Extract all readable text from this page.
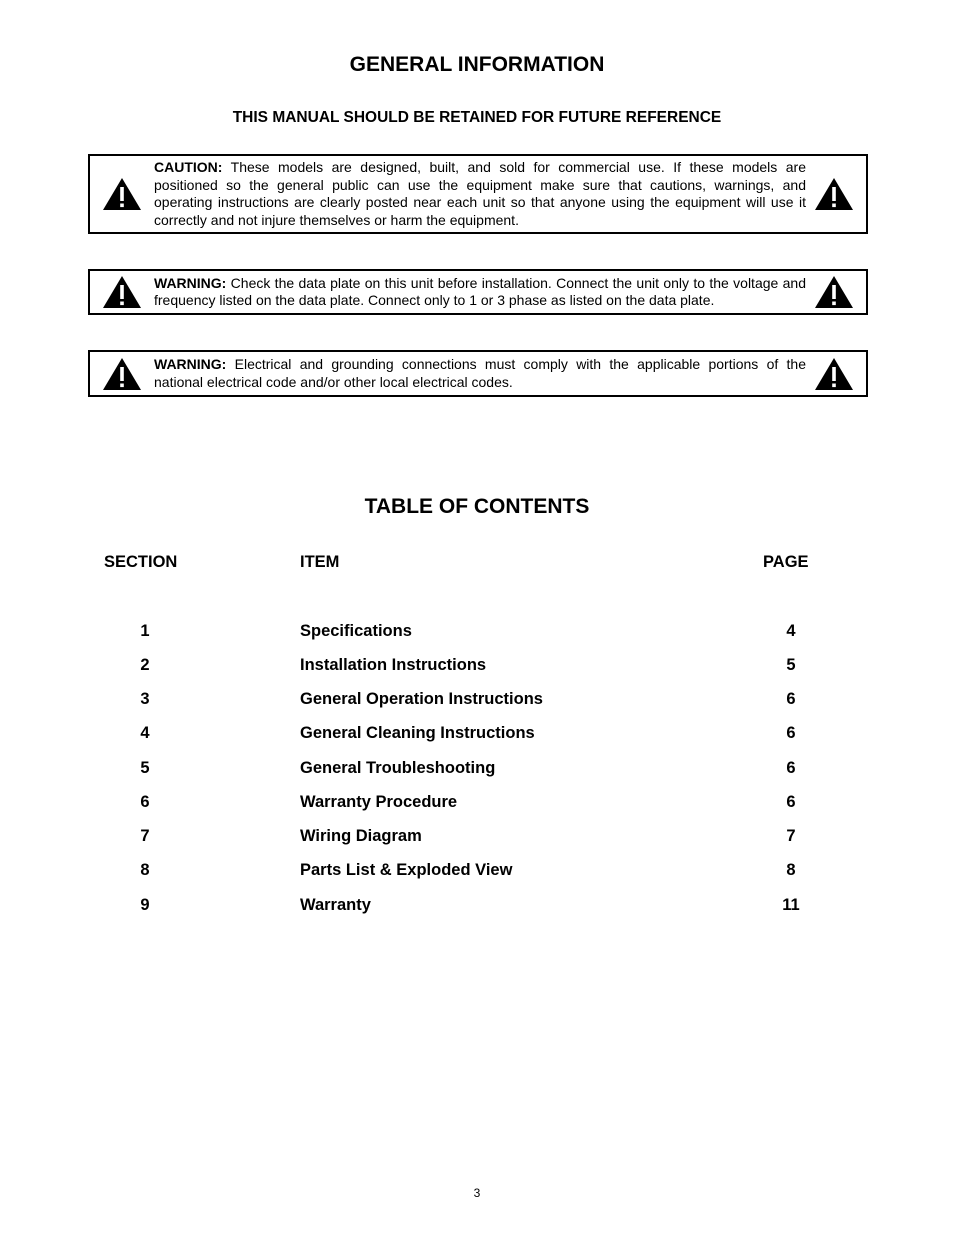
GENERAL INFORMATION

THIS MANUAL SHOULD BE RETAINED FOR FUTURE REFERENCE

CAUTION: These models are designed, built, and sold for commercial use. If these models are positioned so the general public can use the equipment make sure that cautions, warnings, and operating instructions are clearly posted near each unit so that anyone using the equipment will use it correctly and not injure themselves or harm the equipment.
WARNING: Check the data plate on this unit before installation. Connect the unit only to the voltage and frequency listed on the data plate. Connect only to 1 or 3 phase as listed on the data plate.
WARNING: Electrical and grounding connections must comply with the applicable portions of the national electrical code and/or other local electrical codes.
TABLE OF CONTENTS
SECTION	ITEM	PAGE
1	Specifications	4
2	Installation Instructions	5
3	General Operation Instructions	6
4	General Cleaning Instructions	6
5	General Troubleshooting	6
6	Warranty Procedure	6
7	Wiring Diagram	7
8	Parts List & Exploded View	8
9	Warranty	11
3
